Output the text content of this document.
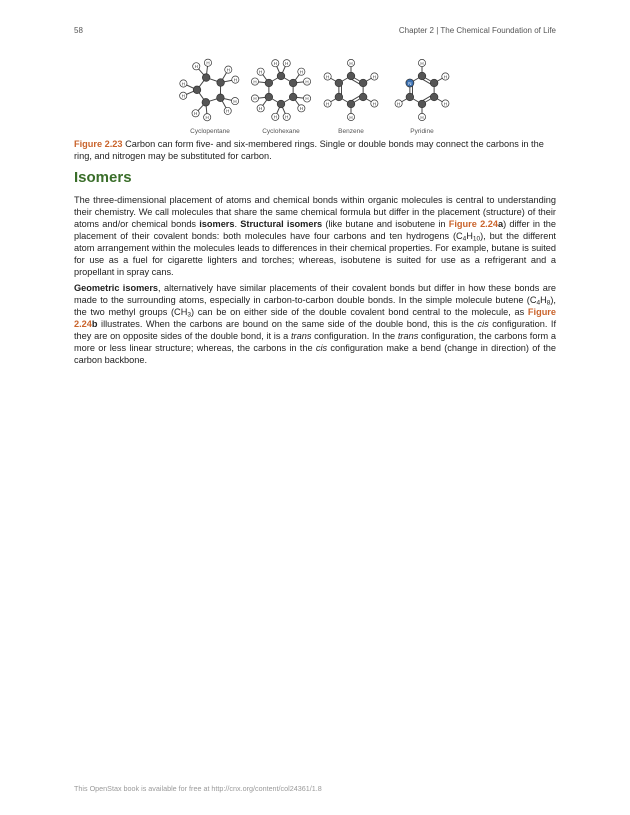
58	Chapter 2 | The Chemical Foundation of Life
H
H
H
H
H
H
H
H
H
H
H H
H
H
H
H
H
H
H
H
H
H
H
H
H
H
H
H
H
H
H
H
H
N
Cyclopentane	Cyclohexane	Benzene	Pyridine
Figure 2.23 Carbon can form five- and six-membered rings. Single or double bonds may connect the carbons in the ring, and nitrogen may be substituted for carbon.
Isomers
The three-dimensional placement of atoms and chemical bonds within organic molecules is central to understanding their chemistry. We call molecules that share the same chemical formula but differ in the placement (structure) of their atoms and/or chemical bonds isomers. Structural isomers (like butane and isobutene in Figure 2.24a) differ in the placement of their covalent bonds: both molecules have four carbons and ten hydrogens $(C_4H_{10})$, but the different atom arrangement within the molecules leads to differences in their chemical properties. For example, butane is suited for use as a fuel for cigarette lighters and torches; whereas, isobutene is suited for use as a refrigerant and a propellant in spray cans.
Geometric isomers, alternatively have similar placements of their covalent bonds but differ in how these bonds are made to the surrounding atoms, especially in carbon-to-carbon double bonds. In the simple molecule butene $(C_4H_8)$, the two methyl groups $(CH_3)$ can be on either side of the double covalent bond central to the molecule, as Figure 2.24b illustrates. When the carbons are bound on the same side of the double bond, this is the cis configuration. If they are on opposite sides of the double bond, it is a trans configuration. In the trans configuration, the carbons form a more or less linear structure; whereas, the carbons in the cis configuration make a bend (change in direction) of the carbon backbone.
This OpenStax book is available for free at http://cnx.org/content/col24361/1.8
